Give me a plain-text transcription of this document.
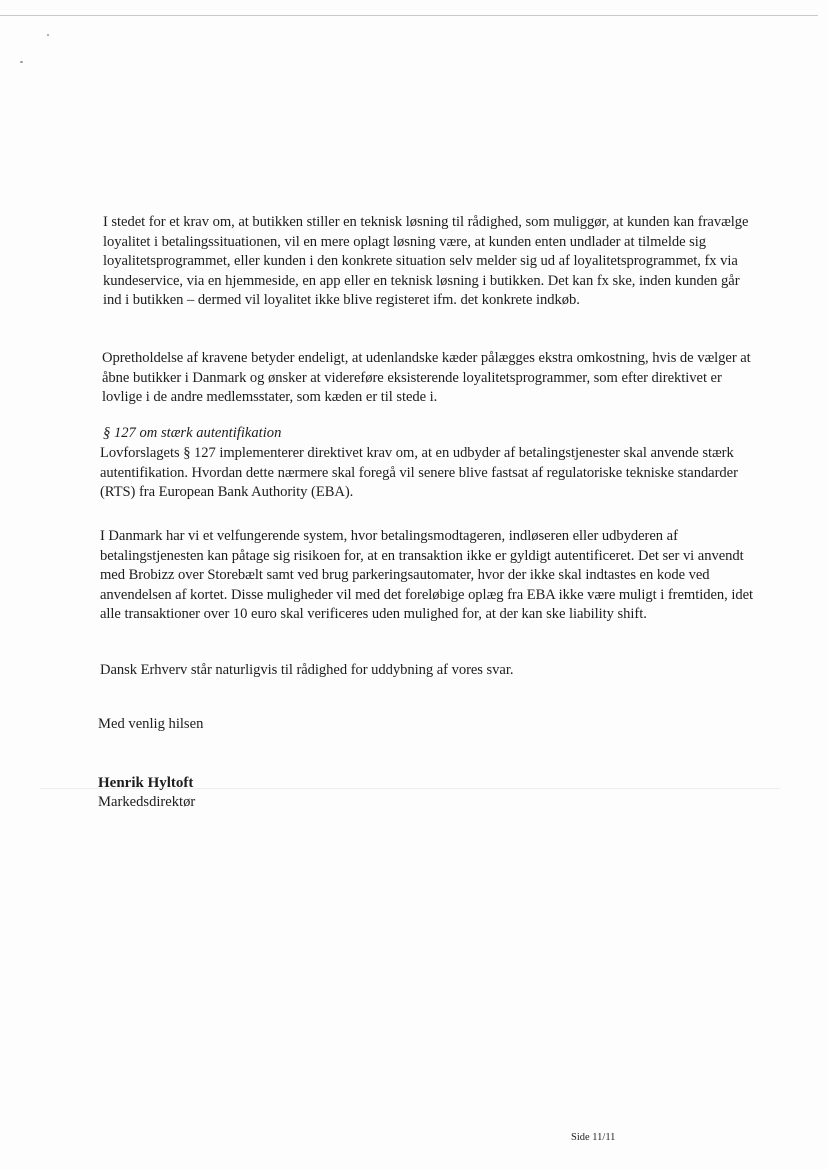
I stedet for et krav om, at butikken stiller en teknisk løsning til rådighed, som muliggør, at kunden kan fravælge loyalitet i betalingssituationen, vil en mere oplagt løsning være, at kunden enten undlader at tilmelde sig loyalitetsprogrammet, eller kunden i den konkrete situation selv melder sig ud af loyalitetsprogrammet, fx via kundeservice, via en hjemmeside, en app eller en teknisk løsning i butikken. Det kan fx ske, inden kunden går ind i butikken – dermed vil loyalitet ikke blive registeret ifm. det konkrete indkøb.

Opretholdelse af kravene betyder endeligt, at udenlandske kæder pålægges ekstra omkostning, hvis de vælger at åbne butikker i Danmark og ønsker at videreføre eksisterende loyalitetsprogrammer, som efter direktivet er lovlige i de andre medlemsstater, som kæden er til stede i.

§ 127 om stærk autentifikation

Lovforslagets § 127 implementerer direktivet krav om, at en udbyder af betalingstjenester skal anvende stærk autentifikation. Hvordan dette nærmere skal foregå vil senere blive fastsat af regulatoriske tekniske standarder (RTS) fra European Bank Authority (EBA).

I Danmark har vi et velfungerende system, hvor betalingsmodtageren, indløseren eller udbyderen af betalingstjenesten kan påtage sig risikoen for, at en transaktion ikke er gyldigt autentificeret. Det ser vi anvendt med Brobizz over Storebælt samt ved brug parkeringsautomater, hvor der ikke skal indtastes en kode ved anvendelsen af kortet. Disse muligheder vil med det foreløbige oplæg fra EBA ikke være muligt i fremtiden, idet alle transaktioner over 10 euro skal verificeres uden mulighed for, at der kan ske liability shift.

Dansk Erhverv står naturligvis til rådighed for uddybning af vores svar.

Med venlig hilsen

Henrik Hyltoft

Markedsdirektør

Side 11/11
